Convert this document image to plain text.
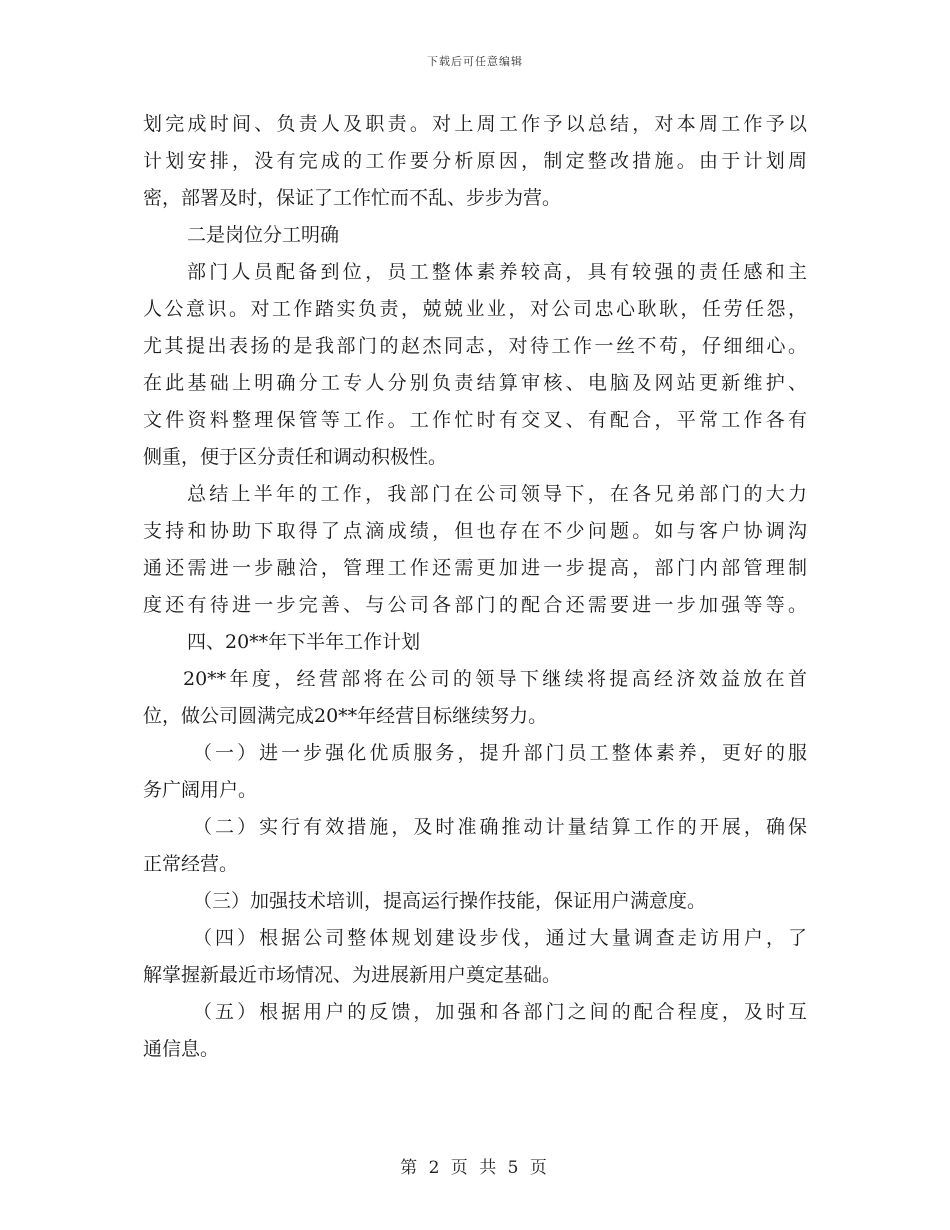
下载后可任意编辑
划完成时间、负责人及职责。对上周工作予以总结，对本周工作予以
计划安排，没有完成的工作要分析原因，制定整改措施。由于计划周
密，部署及时，保证了工作忙而不乱、步步为营。
二是岗位分工明确
部门人员配备到位，员工整体素养较高，具有较强的责任感和主
人公意识。对工作踏实负责，兢兢业业，对公司忠心耿耿，任劳任怨，
尤其提出表扬的是我部门的赵杰同志，对待工作一丝不苟，仔细细心。
在此基础上明确分工专人分别负责结算审核、电脑及网站更新维护、
文件资料整理保管等工作。工作忙时有交叉、有配合，平常工作各有
侧重，便于区分责任和调动积极性。
总结上半年的工作，我部门在公司领导下，在各兄弟部门的大力
支持和协助下取得了点滴成绩，但也存在不少问题。如与客户协调沟
通还需进一步融洽，管理工作还需更加进一步提高，部门内部管理制
度还有待进一步完善、与公司各部门的配合还需要进一步加强等等。
四、20**年下半年工作计划
20**年度，经营部将在公司的领导下继续将提高经济效益放在首
位，做公司圆满完成20**年经营目标继续努力。
（一）进一步强化优质服务，提升部门员工整体素养，更好的服
务广阔用户。
（二）实行有效措施，及时准确推动计量结算工作的开展，确保
正常经营。
（三）加强技术培训，提高运行操作技能，保证用户满意度。
（四）根据公司整体规划建设步伐，通过大量调查走访用户，了
解掌握新最近市场情况、为进展新用户奠定基础。
（五）根据用户的反馈，加强和各部门之间的配合程度，及时互
通信息。
第 2 页 共 5 页
